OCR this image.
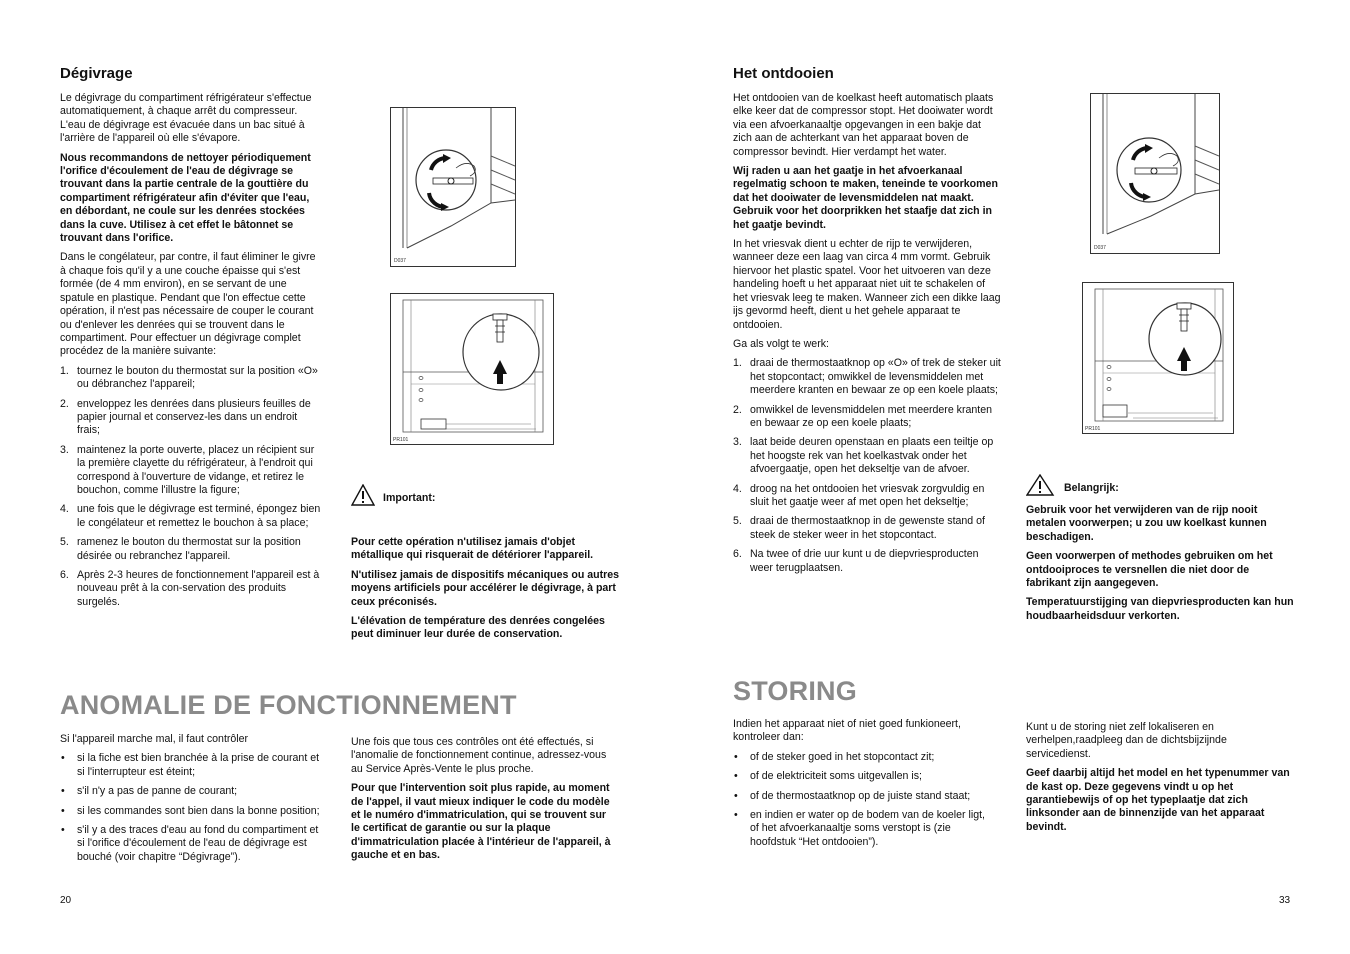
Dégivrage

Le dégivrage du compartiment réfrigérateur s'effectue automatiquement, à chaque arrêt du compresseur. L'eau de dégivrage est évacuée dans un bac situé à l'arrière de l'appareil où elle s'évapore.

Nous recommandons de nettoyer périodiquement l'orifice d'écoulement de l'eau de dégivrage se trouvant dans la partie centrale de la gouttière du compartiment réfrigérateur afin d'éviter que l'eau, en débordant, ne coule sur les denrées stockées dans la cuve. Utilisez à cet effet le bâtonnet se trouvant dans l'orifice.

Dans le congélateur, par contre, il faut éliminer le givre à chaque fois qu'il y a une couche épaisse qui s'est formée (de 4 mm environ), en se servant de une spatule en plastique. Pendant que l'on effectue cette opération, il n'est pas nécessaire de couper le courant ou d'enlever les denrées qui se trouvent dans le compartiment. Pour effectuer un dégivrage complet procédez de la manière suivante:

1. tournez le bouton du thermostat sur la position «O» ou débranchez l'appareil;
2. enveloppez les denrées dans plusieurs feuilles de papier journal et conservez-les dans un endroit frais;
3. maintenez la porte ouverte, placez un récipient sur la première clayette du réfrigérateur, à l'endroit qui correspond à l'ouverture de vidange, et retirez le bouchon, comme l'illustre la figure;
4. une fois que le dégivrage est terminé, épongez bien le congélateur et remettez le bouchon à sa place;
5. ramenez le bouton du thermostat sur la position désirée ou rebranchez l'appareil.
6. Après 2-3 heures de fonctionnement l'appareil est à nouveau prêt à la con-servation des produits surgelés.
D037
PR101
Important:

Pour cette opération n'utilisez jamais d'objet métallique qui risquerait de détériorer l'appareil.

N'utilisez jamais de dispositifs mécaniques ou autres moyens artificiels pour accélérer le dégivrage, à part ceux préconisés.

L'élévation de température des denrées congelées peut diminuer leur durée de conservation.

ANOMALIE DE FONCTIONNEMENT

Si l'appareil marche mal, il faut contrôler

• si la fiche est bien branchée à la prise de courant et si l'interrupteur est éteint;
• s'il n'y a pas de panne de courant;
• si les commandes sont bien dans la bonne position;
• s'il y a des traces d'eau au fond du compartiment et si l'orifice d'écoulement de l'eau de dégivrage est bouché (voir chapitre “Dégivrage”).

Une fois que tous ces contrôles ont été effectués, si l'anomalie de fonctionnement continue, adressez-vous au Service Après-Vente le plus proche.

Pour que l'intervention soit plus rapide, au moment de l'appel, il vaut mieux indiquer le code du modèle et le numéro d'immatriculation, qui se trouvent sur le certificat de garantie ou sur la plaque d'immatriculation placée à l'intérieur de l'appareil, à gauche et en bas.

20
Het ontdooien

Het ontdooien van de koelkast heeft automatisch plaats elke keer dat de compressor stopt. Het dooiwater wordt via een afvoerkanaaltje opgevangen in een bakje dat zich aan de achterkant van het apparaat boven de compressor bevindt. Hier verdampt het water.

Wij raden u aan het gaatje in het afvoerkanaal regelmatig schoon te maken, teneinde te voorkomen dat het dooiwater de levensmiddelen nat maakt. Gebruik voor het doorprikken het staafje dat zich in het gaatje bevindt.

In het vriesvak dient u echter de rijp te verwijderen, wanneer deze een laag van circa 4 mm vormt. Gebruik hiervoor het plastic spatel. Voor het uitvoeren van deze handeling hoeft u het apparaat niet uit te schakelen of het vriesvak leeg te maken. Wanneer zich een dikke laag ijs gevormd heeft, dient u het gehele apparaat te ontdooien.

Ga als volgt te werk:

1. draai de thermostaatknop op «O» of trek de steker uit het stopcontact; omwikkel de levensmiddelen met meerdere kranten en bewaar ze op een koele plaats;
2. omwikkel de levensmiddelen met meerdere kranten en bewaar ze op een koele plaats;
3. laat beide deuren openstaan en plaats een teiltje op het hoogste rek van het koelkastvak onder het afvoergaatje, open het dekseltje van de afvoer.
4. droog na het ontdooien het vriesvak zorgvuldig en sluit het gaatje weer af met open het dekseltje;
5. draai de thermostaatknop in de gewenste stand of steek de steker weer in het stopcontact.
6. Na twee of drie uur kunt u de diepvriesproducten weer terugplaatsen.
D037
PR101
Belangrijk:

Gebruik voor het verwijderen van de rijp nooit metalen voorwerpen; u zou uw koelkast kunnen beschadigen.

Geen voorwerpen of methodes gebruiken om het ontdooiproces te versnellen die niet door de fabrikant zijn aangegeven.

Temperatuurstijging van diepvriesproducten kan hun houdbaarheidsduur verkorten.

STORING

Indien het apparaat niet of niet goed funkioneert, kontroleer dan:

• of de steker goed in het stopcontact zit;
• of de elektriciteit soms uitgevallen is;
• of de thermostaatknop op de juiste stand staat;
• en indien er water op de bodem van de koeler ligt, of het afvoerkanaaltje soms verstopt is (zie hoofdstuk “Het ontdooien”).

Kunt u de storing niet zelf lokaliseren en verhelpen,raadpleeg dan de dichtsbijzijnde servicedienst.

Geef daarbij altijd het model en het typenummer van de kast op. Deze gegevens vindt u op het garantiebewijs of op het typeplaatje dat zich linksonder aan de binnenzijde van het apparaat bevindt.

33
